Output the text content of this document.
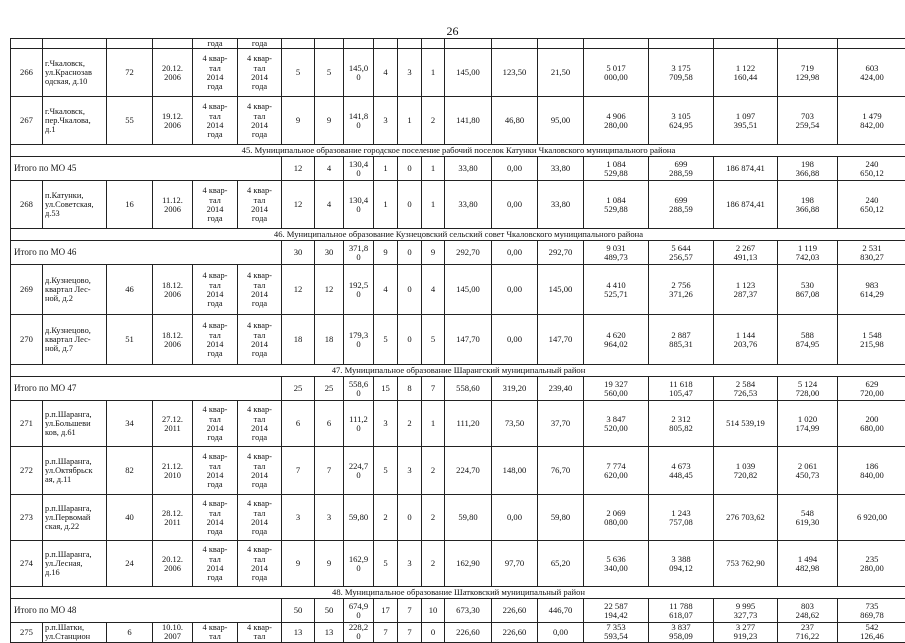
26
				года	года														
266	г.Чкаловск,
ул.Краснозав
одская, д.10	72	20.12.
2006	4 квар-
тал
2014
года	4 квар-
тал
2014
года	5	5	145,0
0	4	3	1	145,00	123,50	21,50	5 017
000,00	3 175
709,58	1 122
160,44	719
129,98	603
424,00

267	г.Чкаловск,
пер.Чкалова,
д.1	55	19.12.
2006	4 квар-
тал
2014
года	4 квар-
тал
2014
года	9	9	141,8
0	3	1	2	141,80	46,80	95,00	4 906
280,00	3 105
624,95	1 097
395,51	703
259,54	1 479
842,00

45. Муниципальное образование городское поселение рабочий поселок Катунки Чкаловского муниципального района																			
Итого по МО 45						12	4	130,4
0	1	0	1	33,80	0,00	33,80	1 084
529,88	699
288,59	186 874,41	198
366,88	240
650,12

268	п.Катунки,
ул.Советская,
д.53	16	11.12.
2006	4 квар-
тал
2014
года	4 квар-
тал
2014
года	12	4	130,4
0	1	0	1	33,80	0,00	33,80	1 084
529,88	699
288,59	186 874,41	198
366,88	240
650,12

46. Муниципальное образование Кузнецовский сельский совет Чкаловского муниципального района																			
Итого по МО 46						30	30	371,8
0	9	0	9	292,70	0,00	292,70	9 031
489,73	5 644
256,57	2 267
491,13	1 119
742,03	2 531
830,27

269	д.Кузнецово,
квартал Лес-
ной, д.2	46	18.12.
2006	4 квар-
тал
2014
года	4 квар-
тал
2014
года	12	12	192,5
0	4	0	4	145,00	0,00	145,00	4 410
525,71	2 756
371,26	1 123
287,37	530
867,08	983
614,29

270	д.Кузнецово,
квартал Лес-
ной, д.7	51	18.12.
2006	4 квар-
тал
2014
года	4 квар-
тал
2014
года	18	18	179,3
0	5	0	5	147,70	0,00	147,70	4 620
964,02	2 887
885,31	1 144
203,76	588
874,95	1 548
215,98

47. Муниципальное образование Шарангский муниципальный район																			
Итого по МО 47						25	25	558,6
0	15	8	7	558,60	319,20	239,40	19 327
560,00	11 618
105,47	2 584
726,53	5 124
728,00	629
720,00

271	р.п.Шаранга,
ул.Большеви
ков, д.61	34	27.12.
2011	4 квар-
тал
2014
года	4 квар-
тал
2014
года	6	6	111,2
0	3	2	1	111,20	73,50	37,70	3 847
520,00	2 312
805,82	514 539,19	1 020
174,99	200
680,00

272	р.п.Шаранга,
ул.Октябрьск
ая, д.11	82	21.12.
2010	4 квар-
тал
2014
года	4 квар-
тал
2014
года	7	7	224,7
0	5	3	2	224,70	148,00	76,70	7 774
620,00	4 673
448,45	1 039
720,82	2 061
450,73	186
840,00

273	р.п.Шаранга,
ул.Первомай
ская, д.22	40	28.12.
2011	4 квар-
тал
2014
года	4 квар-
тал
2014
года	3	3	59,80	2	0	2	59,80	0,00	59,80	2 069
080,00	1 243
757,08	276 703,62	548
619,30	6 920,00

274	р.п.Шаранга,
ул.Лесная,
д.16	24	20.12.
2006	4 квар-
тал
2014
года	4 квар-
тал
2014
года	9	9	162,9
0	5	3	2	162,90	97,70	65,20	5 636
340,00	3 388
094,12	753 762,90	1 494
482,98	235
280,00

48. Муниципальное образование Шатковский муниципальный район																			
Итого по МО 48						50	50	674,9
0	17	7	10	673,30	226,60	446,70	22 587
194,42	11 788
618,07	9 995
327,73	803
248,62	735
869,78

275	р.п.Шатки,
ул.Станцион	6	10.10.
2007	4 квар-
тал	4 квар-
тал	13	13	228,2
0	7	7	0	226,60	226,60	0,00	7 353
593,54	3 837
958,09	3 277
919,23	237
716,22	542
126,46
